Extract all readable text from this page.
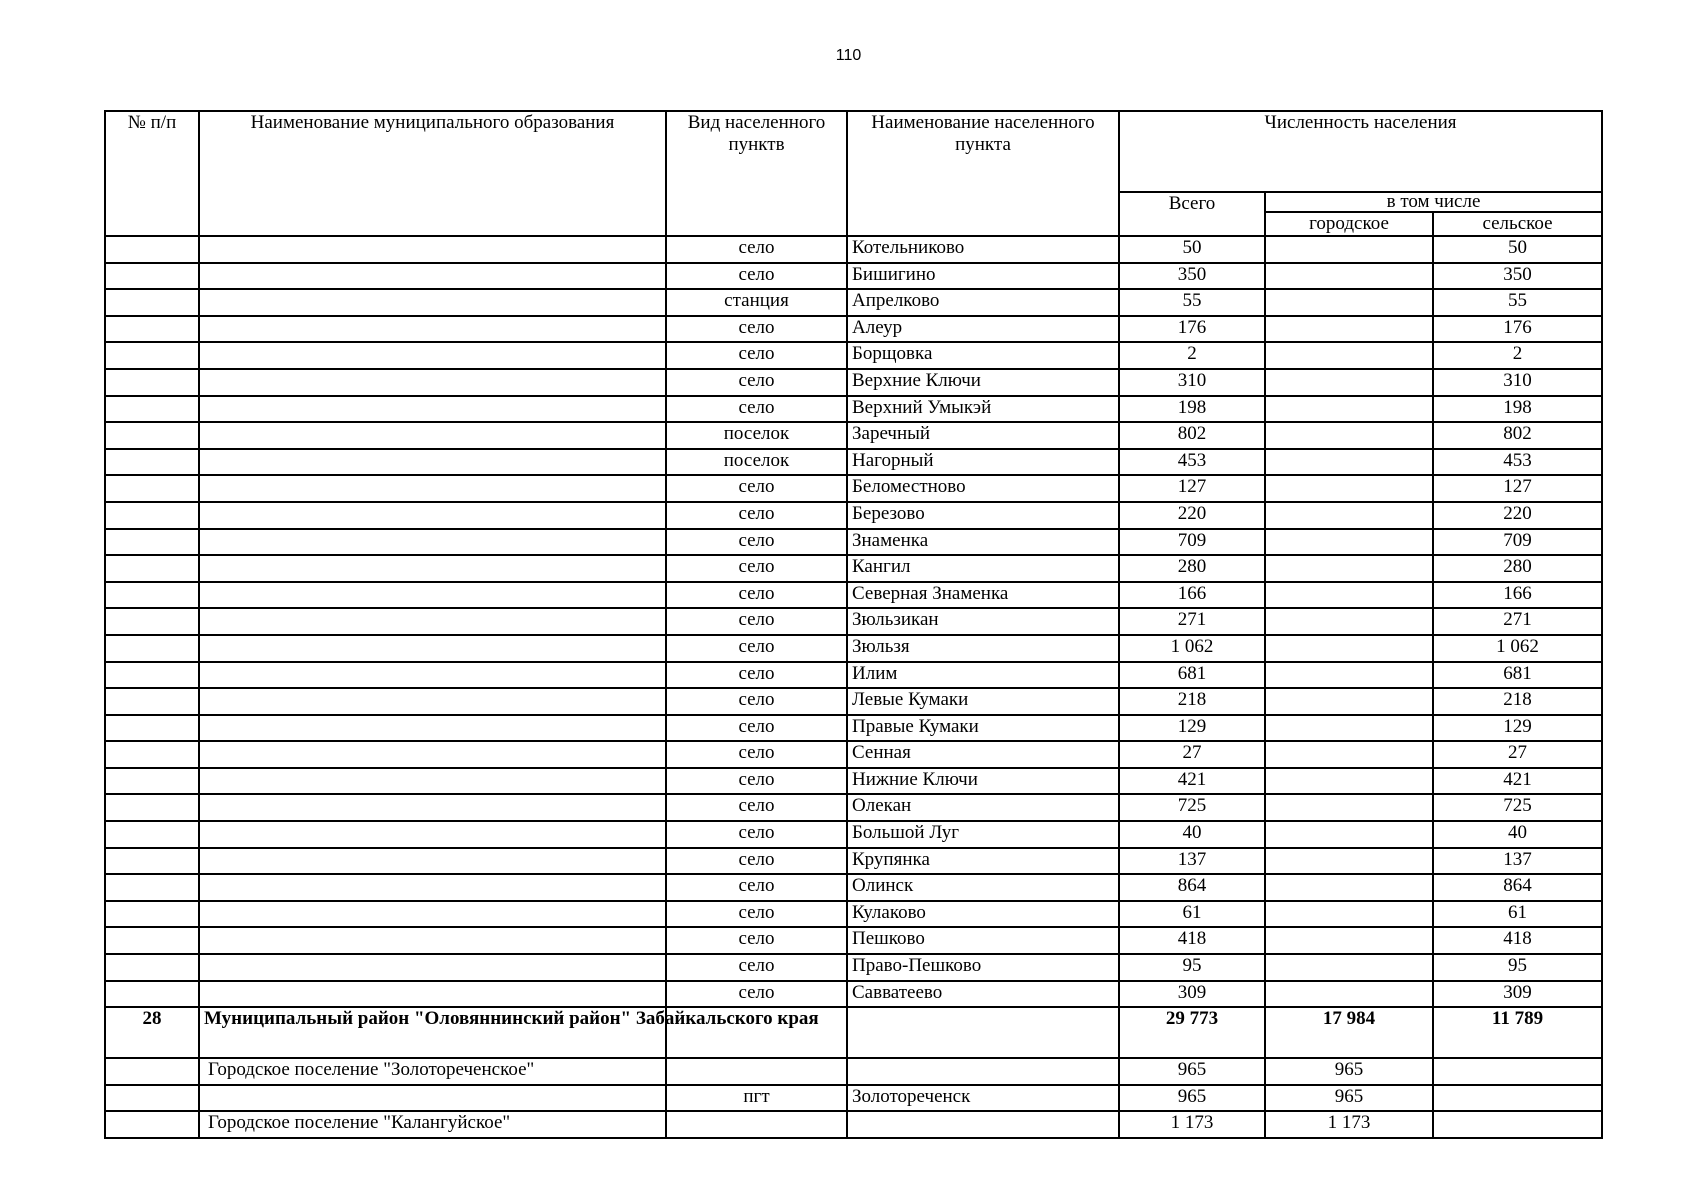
110
№ п/п	Наименование муниципального образования	Вид населенного пунктв	Наименование населенного пункта	Численность населения		
				Всего	в том числе	
					городское	сельское
		село	Котельниково	50		50
		село	Бишигино	350		350
		станция	Апрелково	55		55
		село	Алеур	176		176
		село	Борщовка	2		2
		село	Верхние Ключи	310		310
		село	Верхний Умыкэй	198		198
		поселок	Заречный	802		802
		поселок	Нагорный	453		453
		село	Беломестново	127		127
		село	Березово	220		220
		село	Знаменка	709		709
		село	Кангил	280		280
		село	Северная Знаменка	166		166
		село	Зюльзикан	271		271
		село	Зюльзя	1 062		1 062
		село	Илим	681		681
		село	Левые Кумаки	218		218
		село	Правые Кумаки	129		129
		село	Сенная	27		27
		село	Нижние Ключи	421		421
		село	Олекан	725		725
		село	Большой Луг	40		40
		село	Крупянка	137		137
		село	Олинск	864		864
		село	Кулаково	61		61
		село	Пешково	418		418
		село	Право-Пешково	95		95
		село	Савватеево	309		309
28	Муниципальный район "Оловяннинский район" Забайкальского края			29 773	17 984	11 789
	Городское поселение "Золотореченское"			965	965	
		пгт	Золотореченск	965	965	
	Городское поселение "Калангуйское"			1 173	1 173	
